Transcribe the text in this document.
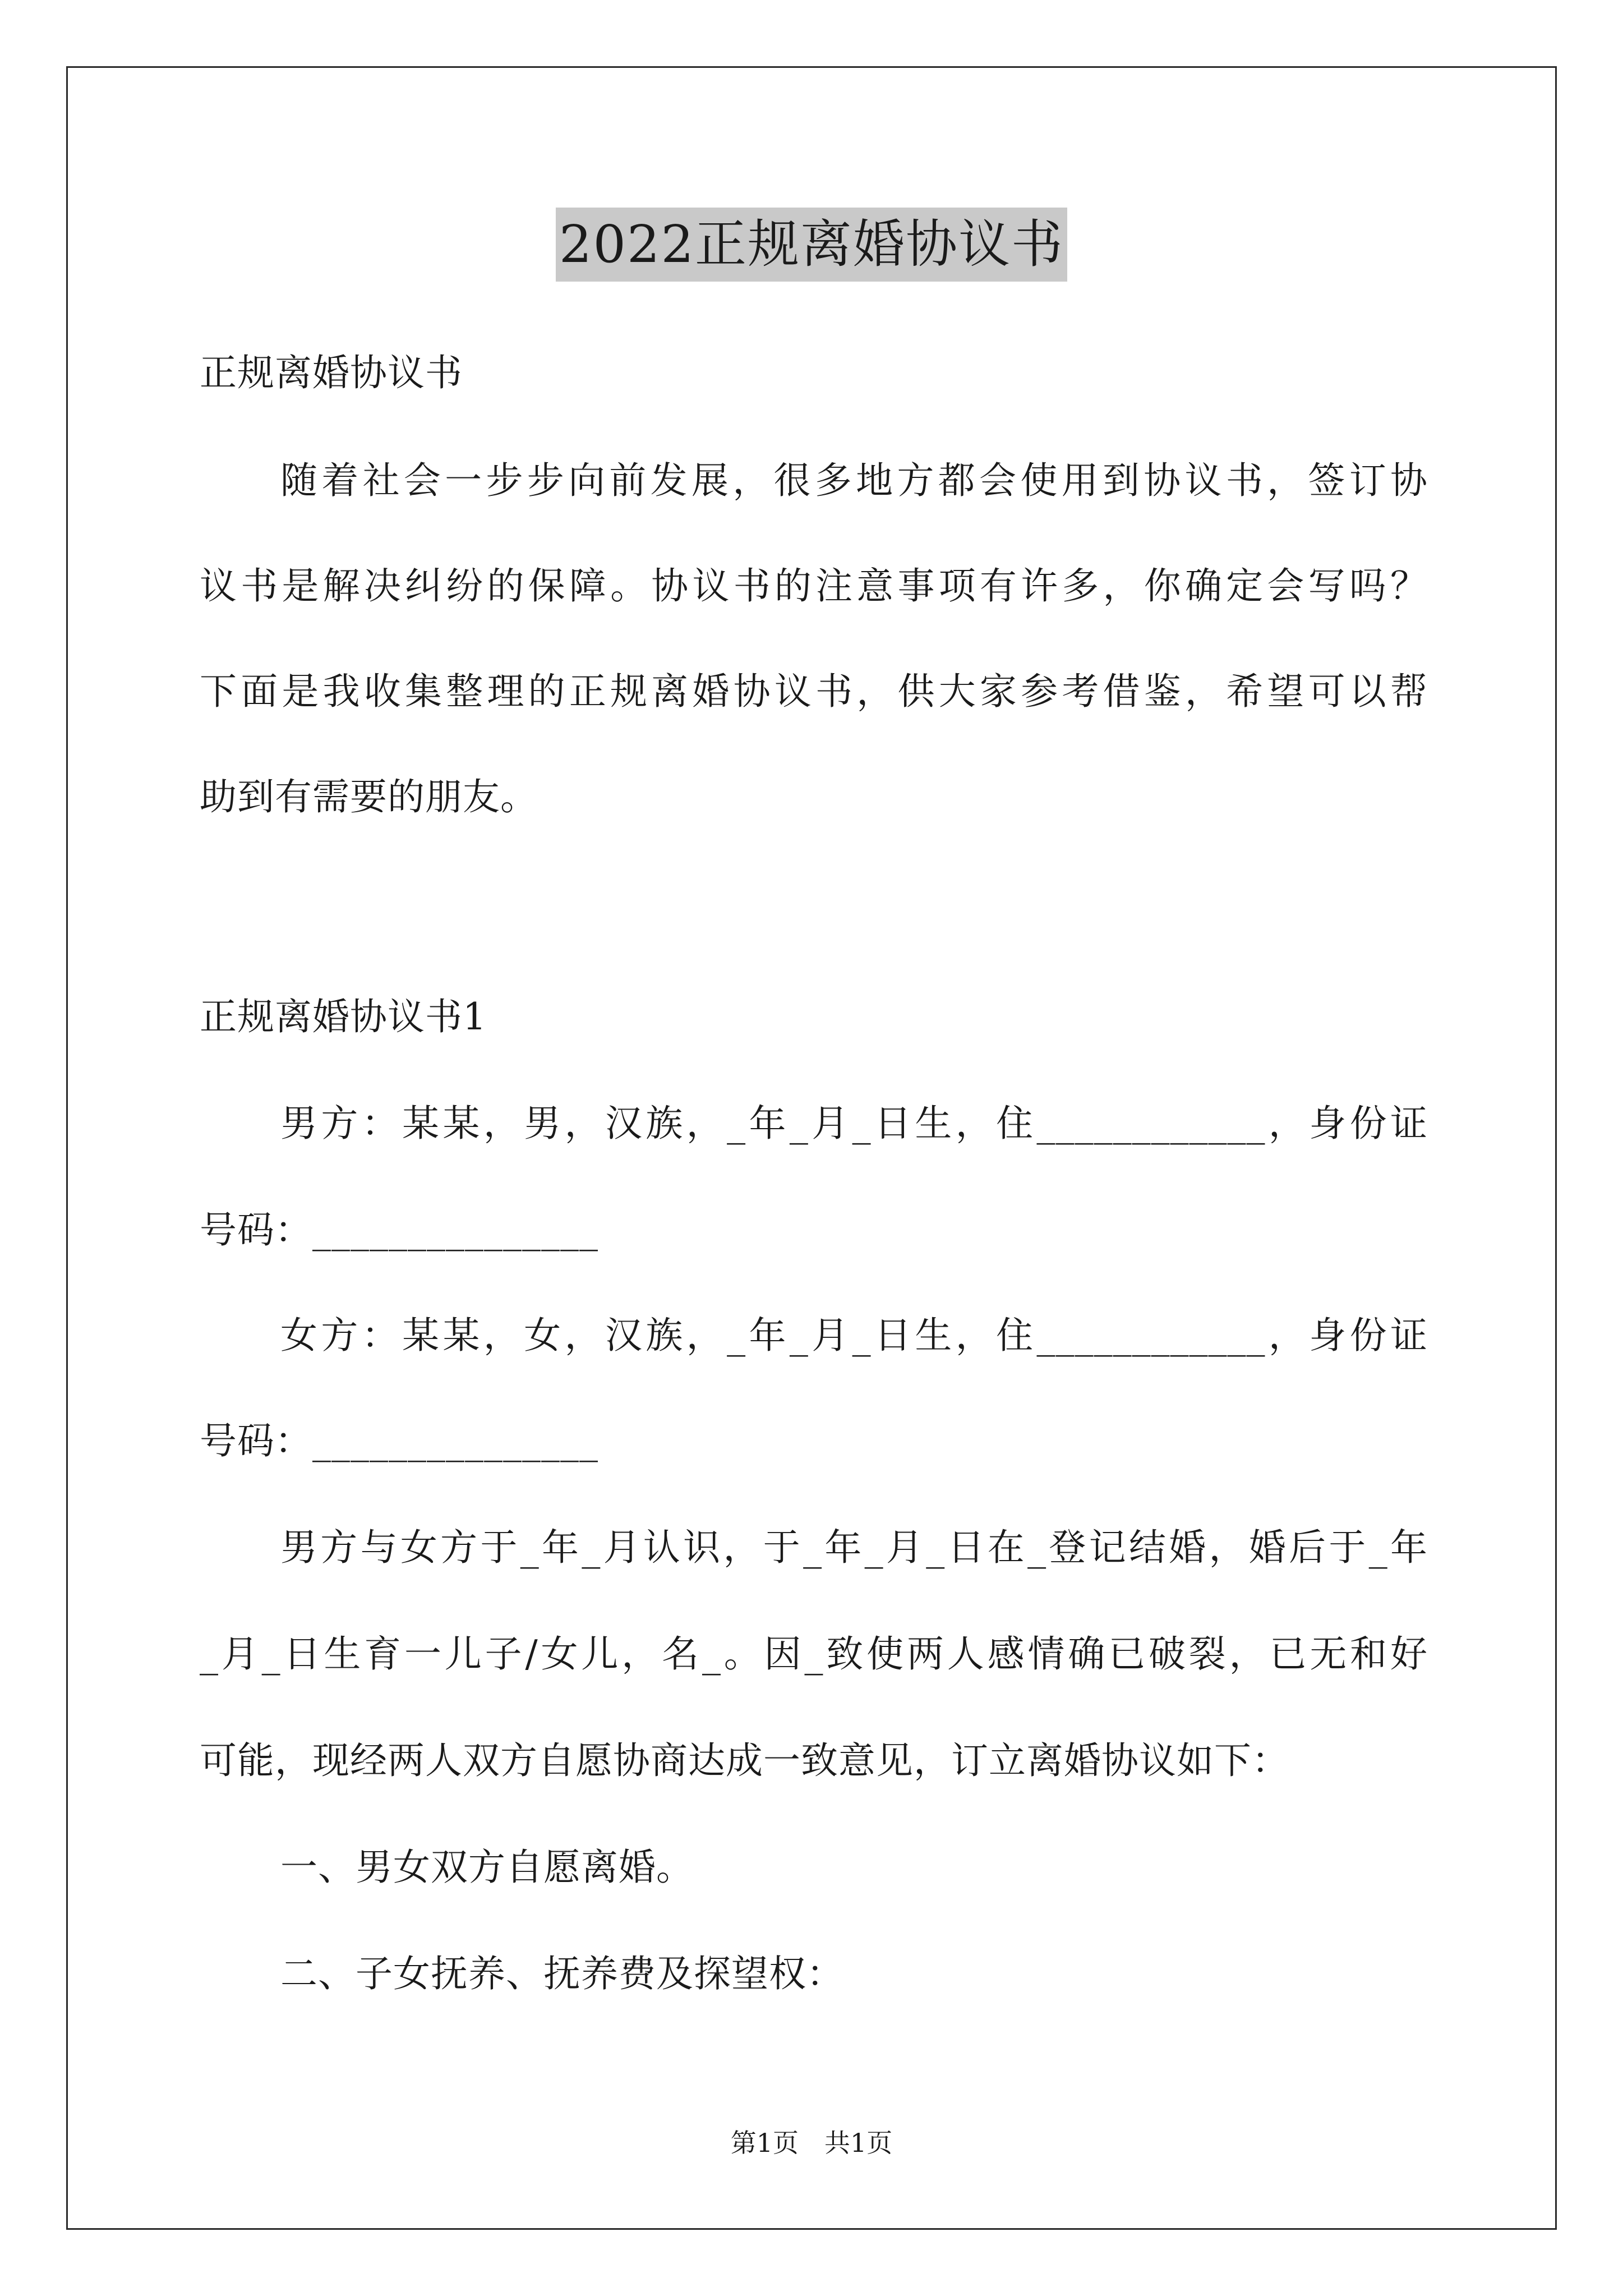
2022正规离婚协议书
正规离婚协议书
随着社会一步步向前发展，很多地方都会使用到协议书，签订协
议书是解决纠纷的保障。协议书的注意事项有许多，你确定会写吗？
下面是我收集整理的正规离婚协议书，供大家参考借鉴，希望可以帮
助到有需要的朋友。
正规离婚协议书1
男方：某某，男，汉族，_年_月_日生，住____________，身份证
号码：_______________
女方：某某，女，汉族，_年_月_日生，住____________，身份证
号码：_______________
男方与女方于_年_月认识，于_年_月_日在_登记结婚，婚后于_年
_月_日生育一儿子/女儿，名_。因_致使两人感情确已破裂，已无和好
可能，现经两人双方自愿协商达成一致意见，订立离婚协议如下：
一、男女双方自愿离婚。
二、子女抚养、抚养费及探望权：
第1页　共1页
